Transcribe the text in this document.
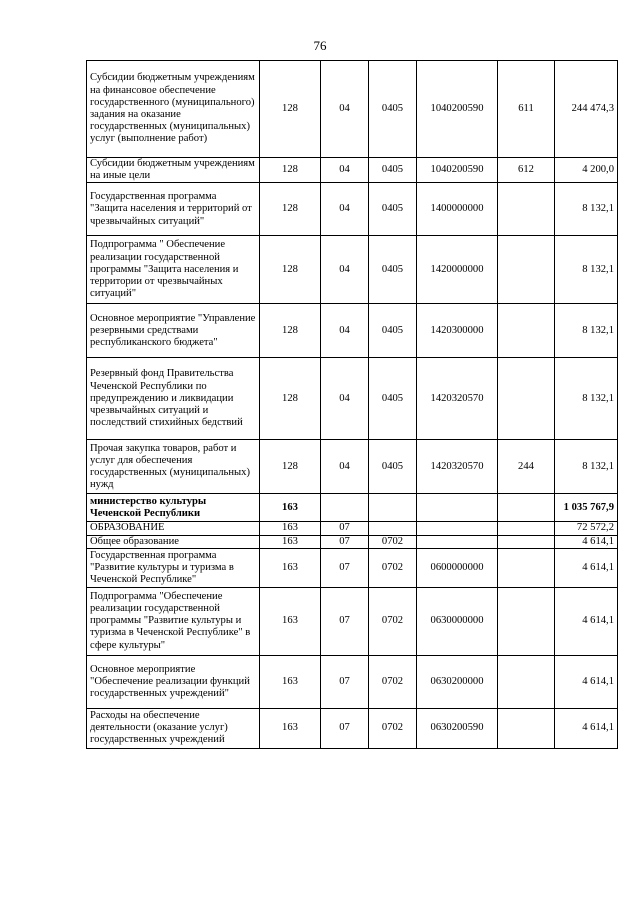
76
Субсидии бюджетным учреждениям на финансовое обеспечение государственного (муниципального) задания на оказание государственных (муниципальных) услуг (выполнение работ)	128	04	0405	1040200590	611	244 474,3
Субсидии бюджетным учреждениям на иные цели	128	04	0405	1040200590	612	4 200,0
Государственная программа "Защита населения и территорий от чрезвычайных ситуаций"	128	04	0405	1400000000		8 132,1
Подпрограмма " Обеспечение реализации государственной программы "Защита населения и территории от чрезвычайных ситуаций"	128	04	0405	1420000000		8 132,1
Основное мероприятие "Управление резервными средствами республиканского бюджета"	128	04	0405	1420300000		8 132,1
Резервный фонд Правительства Чеченской Республики по предупреждению и ликвидации чрезвычайных ситуаций и последствий стихийных бедствий	128	04	0405	1420320570		8 132,1
Прочая закупка товаров, работ и услуг для обеспечения государственных (муниципальных) нужд	128	04	0405	1420320570	244	8 132,1
министерство культуры Чеченской Республики	163					1 035 767,9
ОБРАЗОВАНИЕ	163	07				72 572,2
Общее образование	163	07	0702			4 614,1
Государственная программа "Развитие культуры и туризма в Чеченской Республике"	163	07	0702	0600000000		4 614,1
Подпрограмма "Обеспечение реализации государственной программы "Развитие культуры и туризма в Чеченской Республике" в сфере культуры"	163	07	0702	0630000000		4 614,1
Основное мероприятие "Обеспечение реализации функций государственных учреждений"	163	07	0702	0630200000		4 614,1
Расходы на обеспечение деятельности (оказание услуг) государственных учреждений	163	07	0702	0630200590		4 614,1
